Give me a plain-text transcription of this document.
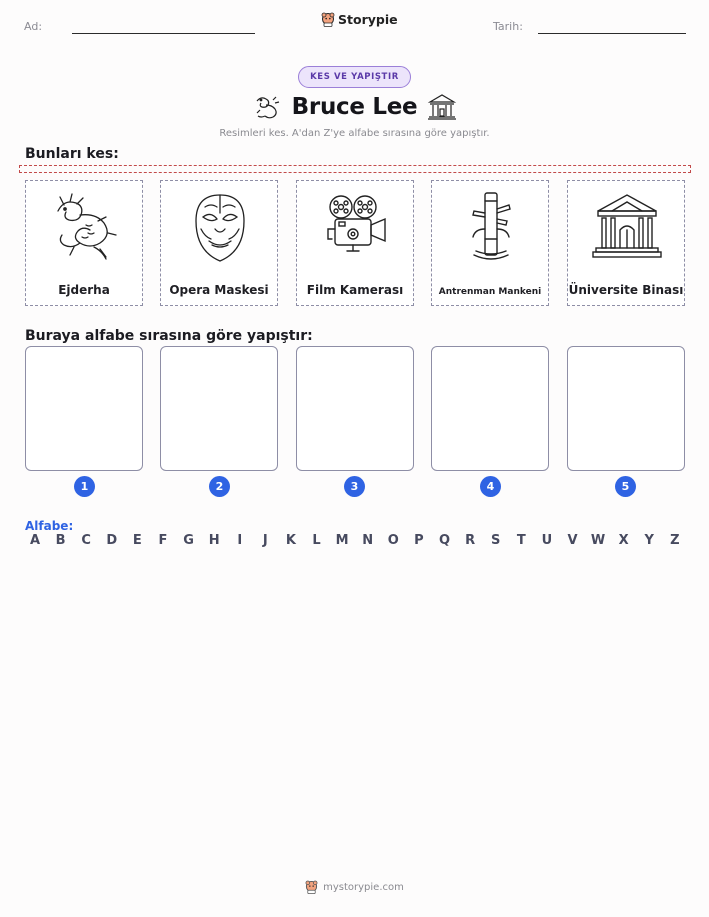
Ad:	Storypie	Tarih:
KES VE YAPIŞTIR
Bruce Lee
Resimleri kes. A'dan Z'ye alfabe sırasına göre yapıştır.
Bunları kes:
Ejderha	Opera Maskesi	Film Kamerası	Antrenman Mankeni	Üniversite Binası
Buraya alfabe sırasına göre yapıştır:
1	2	3	4	5
Alfabe:
A	B	C	D	E	F	G	H	I	J	K	L	M	N	O	P	Q	R	S	T	U	V	W	X	Y	Z
mystorypie.com
